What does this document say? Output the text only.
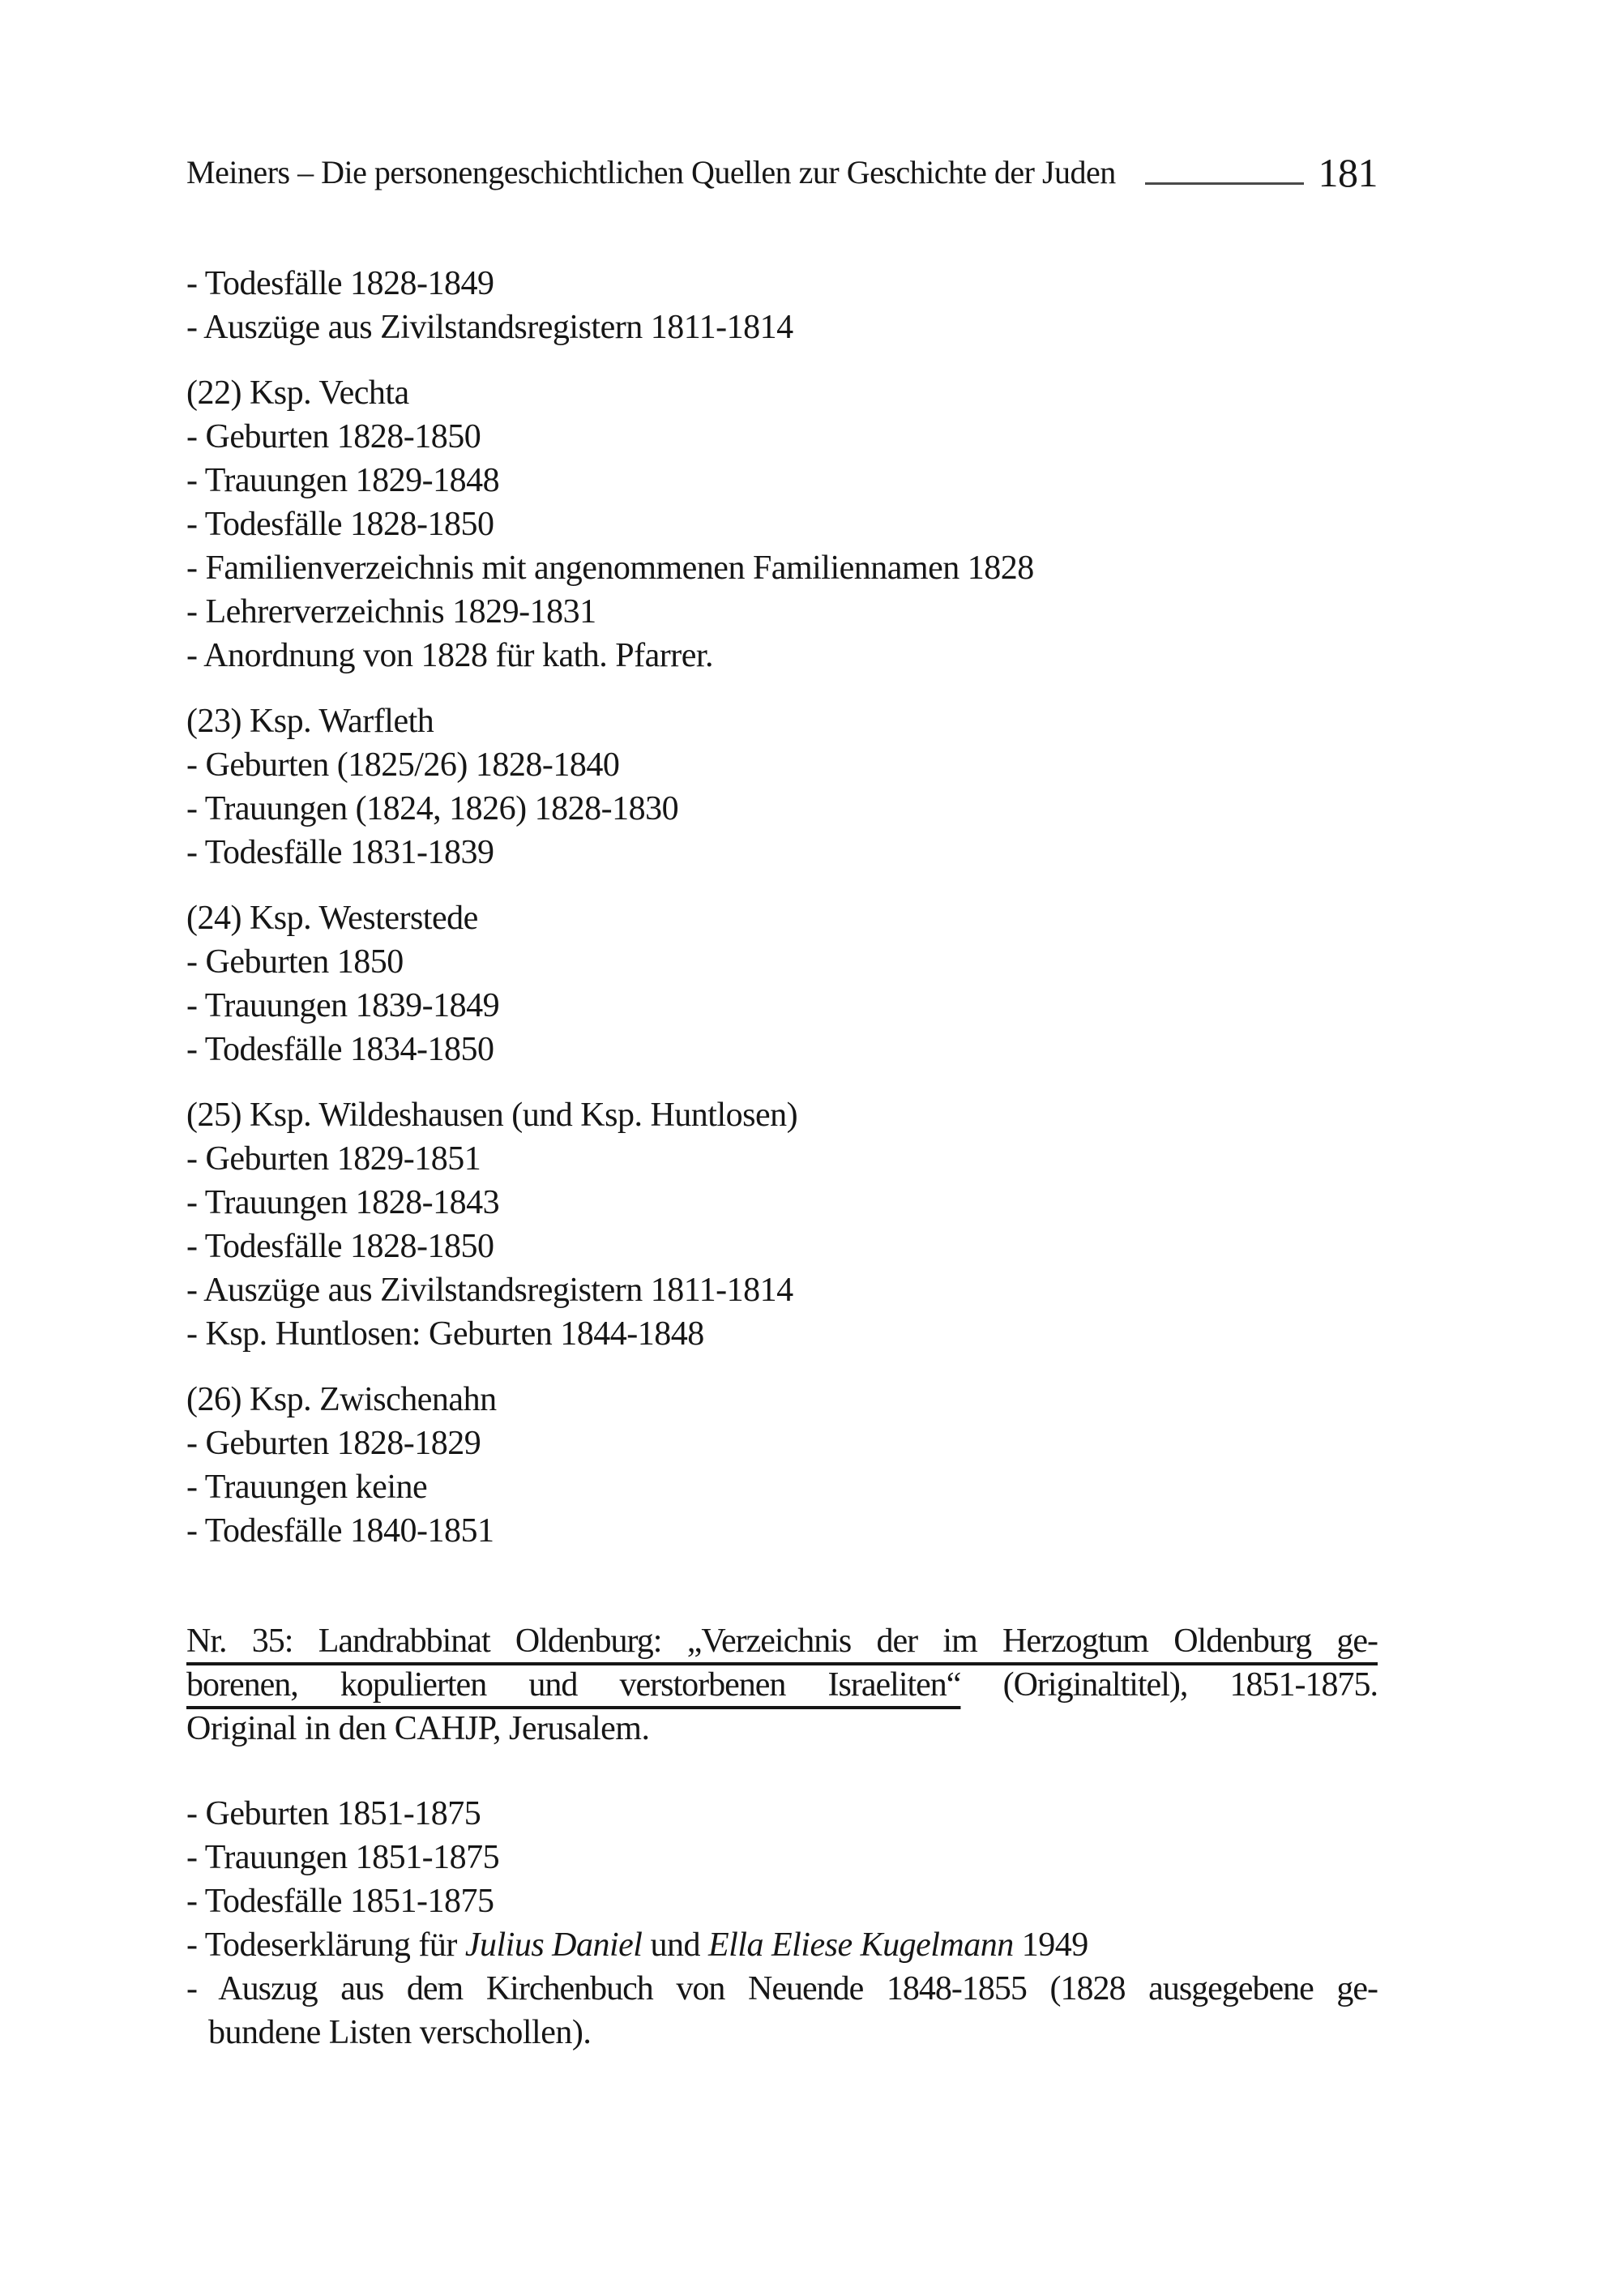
Meiners – Die personengeschichtlichen Quellen zur Geschichte der Juden	181
- Todesfälle 1828-1849
- Auszüge aus Zivilstandsregistern 1811-1814
(22) Ksp. Vechta
- Geburten 1828-1850
- Trauungen 1829-1848
- Todesfälle 1828-1850
- Familienverzeichnis mit angenommenen Familiennamen 1828
- Lehrerverzeichnis 1829-1831
- Anordnung von 1828 für kath. Pfarrer.
(23) Ksp. Warfleth
- Geburten (1825/26) 1828-1840
- Trauungen (1824, 1826) 1828-1830
- Todesfälle 1831-1839
(24) Ksp. Westerstede
- Geburten 1850
- Trauungen 1839-1849
- Todesfälle 1834-1850
(25) Ksp. Wildeshausen (und Ksp. Huntlosen)
- Geburten 1829-1851
- Trauungen 1828-1843
- Todesfälle 1828-1850
- Auszüge aus Zivilstandsregistern 1811-1814
- Ksp. Huntlosen: Geburten 1844-1848
(26) Ksp. Zwischenahn
- Geburten 1828-1829
- Trauungen keine
- Todesfälle 1840-1851
Nr. 35: Landrabbinat Oldenburg: „Verzeichnis der im Herzogtum Oldenburg ge-
borenen, kopulierten und verstorbenen Israeliten“ (Originaltitel), 1851-1875.
Original in den CAHJP, Jerusalem.
- Geburten 1851-1875
- Trauungen 1851-1875
- Todesfälle 1851-1875
- Todeserklärung für Julius Daniel und Ella Eliese Kugelmann 1949
- Auszug aus dem Kirchenbuch von Neuende 1848-1855 (1828 ausgegebene ge-
bundene Listen verschollen).
